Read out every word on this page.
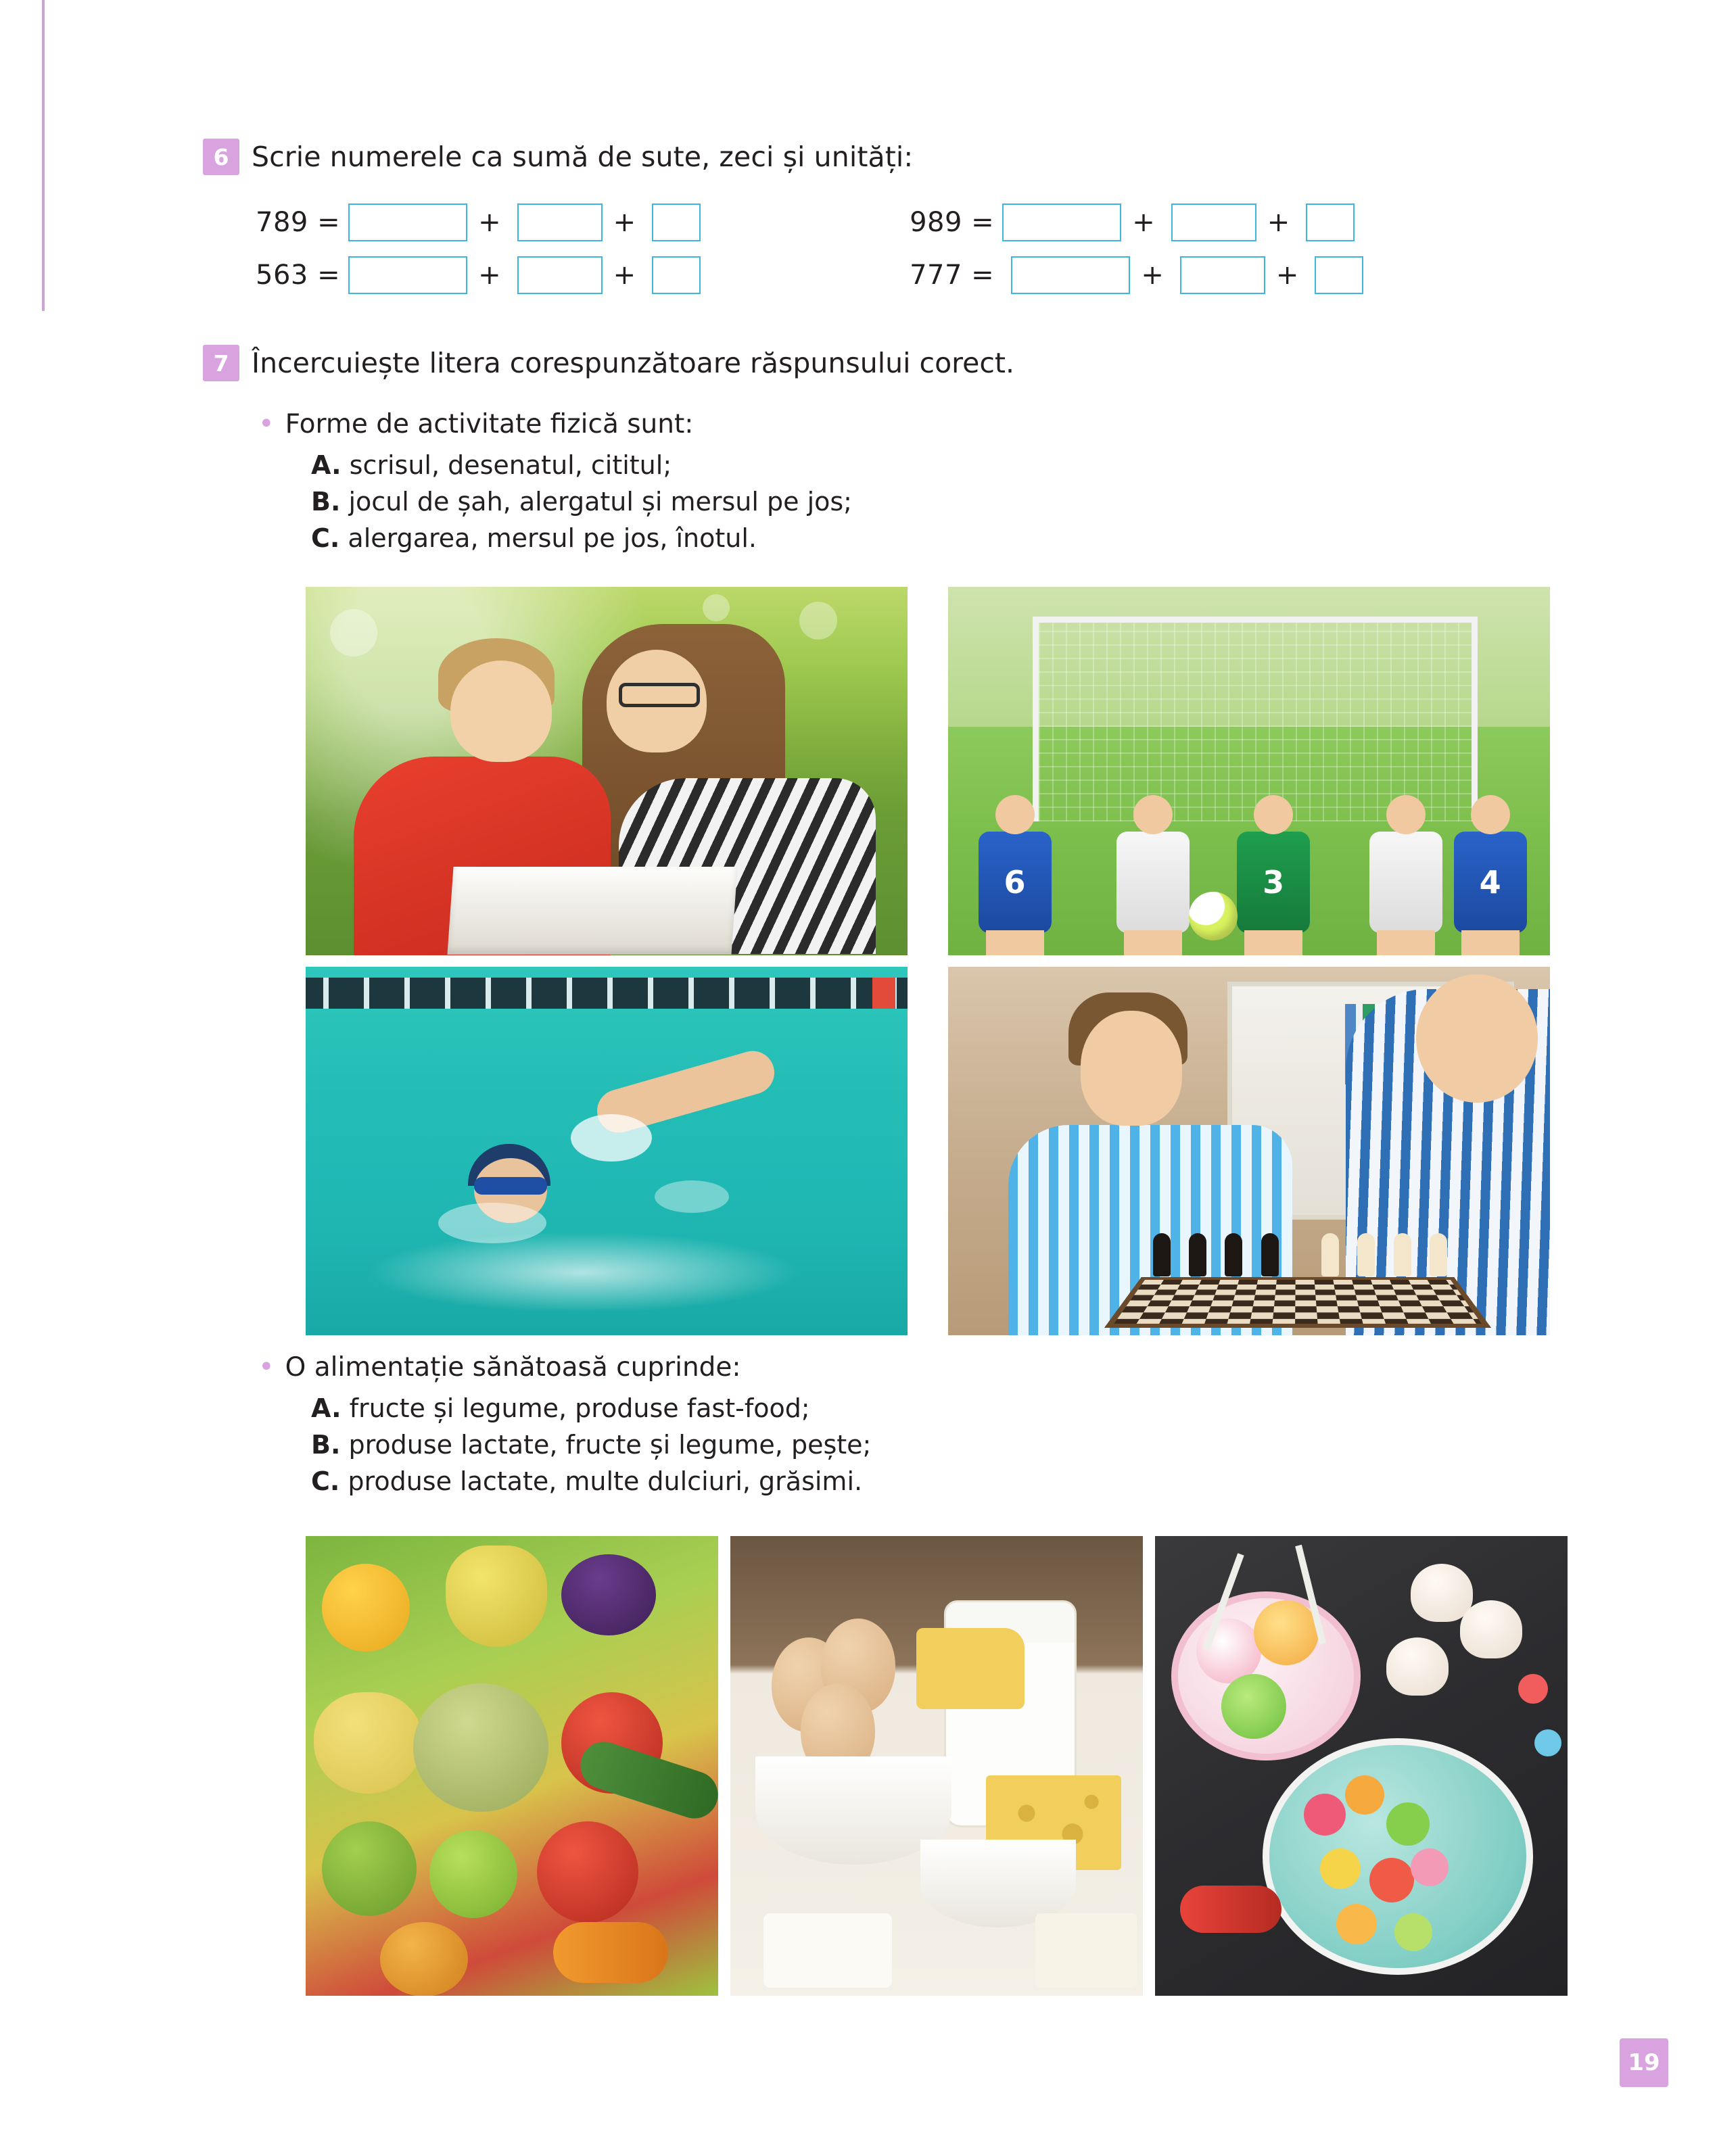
6 Scrie numerele ca sumă de sute, zeci și unități:
789 =	+	+	989 =	+	+
563 =	+	+	777 =	+	+
7 Încercuiește litera corespunzătoare răspunsului corect.
• Forme de activitate fizică sunt:
A. scrisul, desenatul, cititul;
B. jocul de șah, alergatul și mersul pe jos;
C. alergarea, mersul pe jos, înotul.
6	3	4
• O alimentație sănătoasă cuprinde:
A. fructe și legume, produse fast-food;
B. produse lactate, fructe și legume, pește;
C. produse lactate, multe dulciuri, grăsimi.
19
